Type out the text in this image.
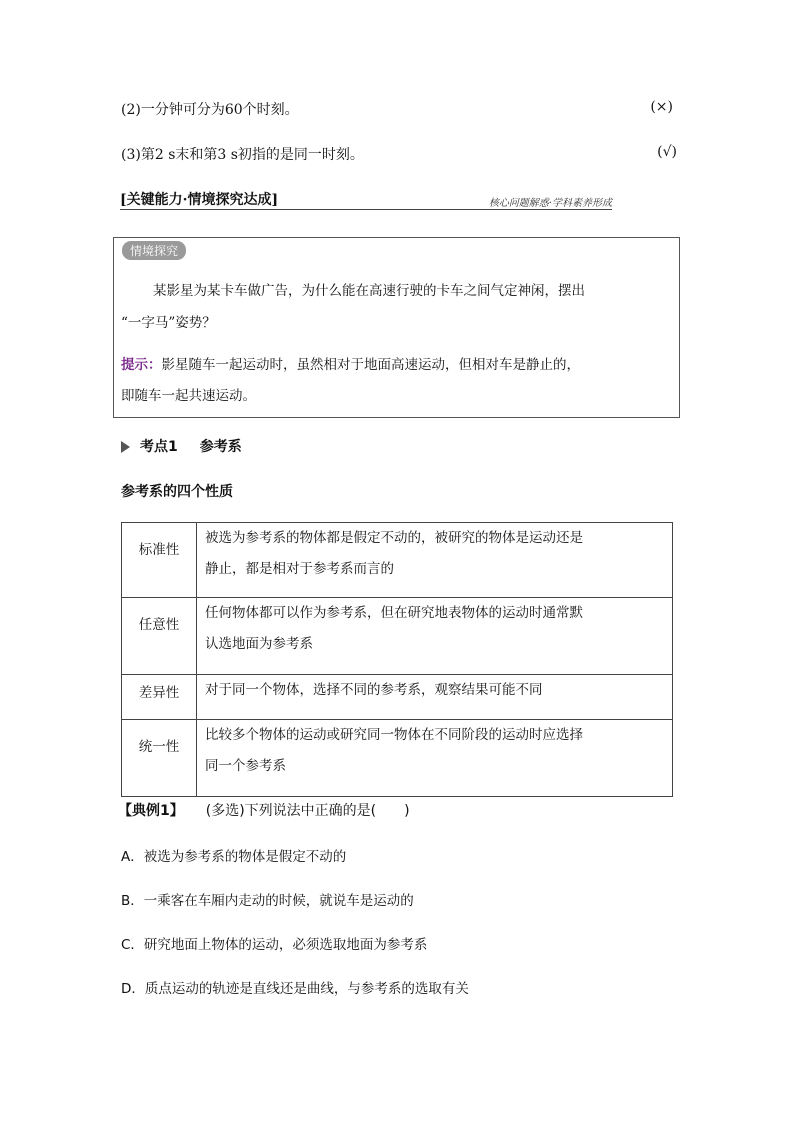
(2)一分钟可分为60个时刻。	(×)
(3)第2 s末和第3 s初指的是同一时刻。	(√)
[关键能力·情境探究达成]	核心问题解惑·学科素养形成
情境探究
某影星为某卡车做广告，为什么能在高速行驶的卡车之间气定神闲，摆出
“一字马”姿势？
提示：影星随车一起运动时，虽然相对于地面高速运动，但相对车是静止的，
即随车一起共速运动。
考点1 参考系
参考系的四个性质
标准性	被选为参考系的物体都是假定不动的，被研究的物体是运动还是
静止，都是相对于参考系而言的

任意性	任何物体都可以作为参考系，但在研究地表物体的运动时通常默
认选地面为参考系

差异性	对于同一个物体，选择不同的参考系，观察结果可能不同

统一性	比较多个物体的运动或研究同一物体在不同阶段的运动时应选择
同一个参考系
【典例1】 (多选)下列说法中正确的是(　　)
A．被选为参考系的物体是假定不动的
B．一乘客在车厢内走动的时候，就说车是运动的
C．研究地面上物体的运动，必须选取地面为参考系
D．质点运动的轨迹是直线还是曲线，与参考系的选取有关
